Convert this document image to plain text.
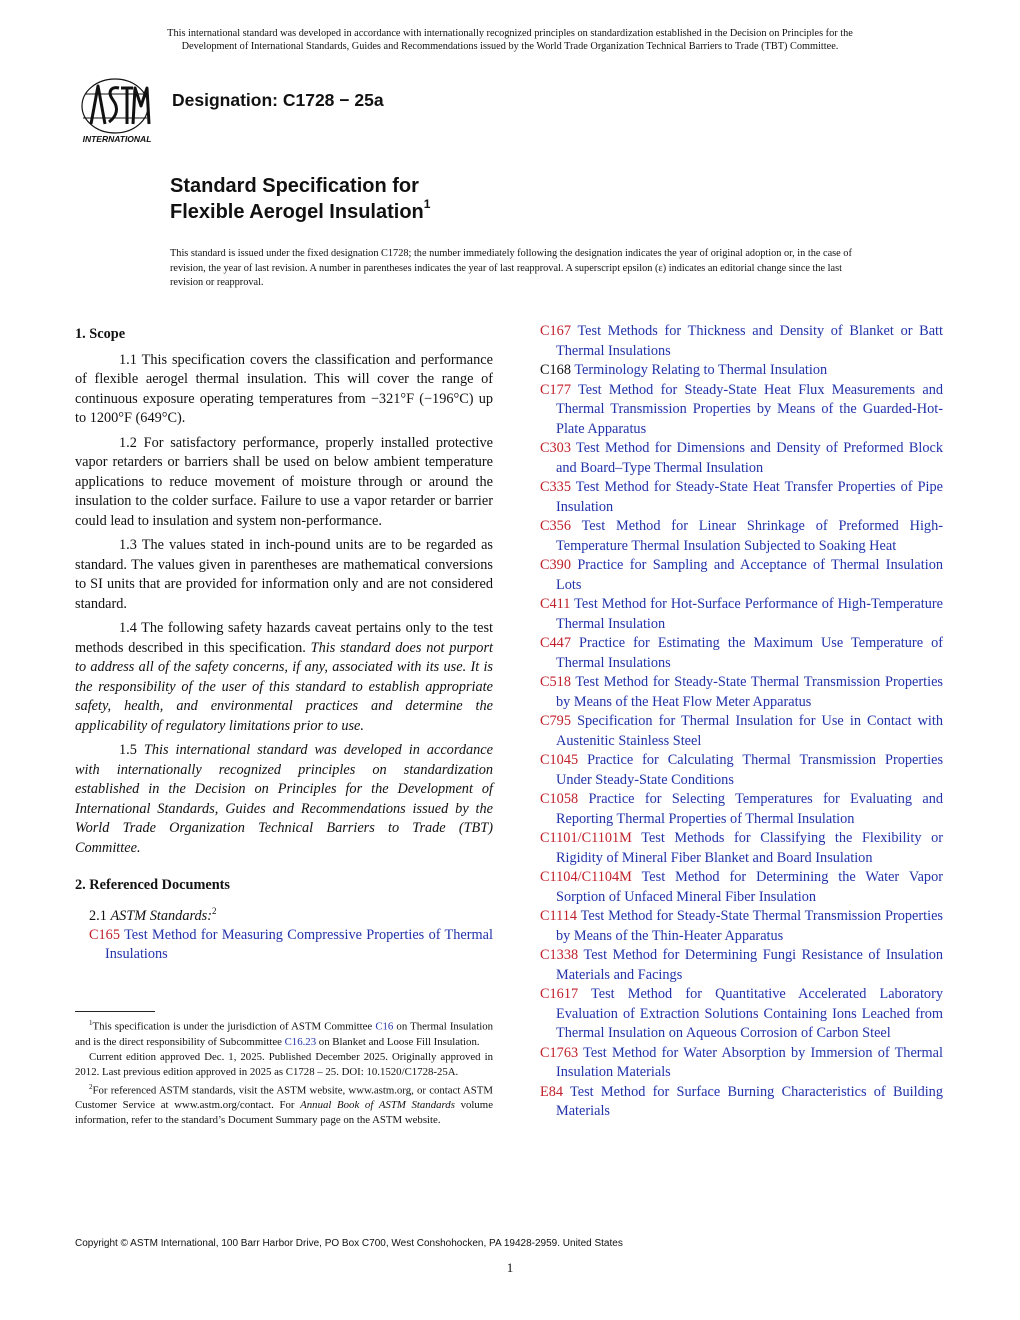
This international standard was developed in accordance with internationally recognized principles on standardization established in the Decision on Principles for the
Development of International Standards, Guides and Recommendations issued by the World Trade Organization Technical Barriers to Trade (TBT) Committee.
INTERNATIONAL
Designation: C1728 − 25a
Standard Specification for
Flexible Aerogel Insulation$^1$
This standard is issued under the fixed designation C1728; the number immediately following the designation indicates the year of original adoption or, in the case of revision, the year of last revision. A number in parentheses indicates the year of last reapproval. A superscript epsilon (ε) indicates an editorial change since the last revision or reapproval.
1. Scope

1.1 This specification covers the classification and performance of flexible aerogel thermal insulation. This will cover the range of continuous exposure operating temperatures from −321°F (−196°C) up to 1200°F (649°C).

1.2 For satisfactory performance, properly installed protective vapor retarders or barriers shall be used on below ambient temperature applications to reduce movement of moisture through or around the insulation to the colder surface. Failure to use a vapor retarder or barrier could lead to insulation and system non-performance.

1.3 The values stated in inch-pound units are to be regarded as standard. The values given in parentheses are mathematical conversions to SI units that are provided for information only and are not considered standard.

1.4 The following safety hazards caveat pertains only to the test methods described in this specification. This standard does not purport to address all of the safety concerns, if any, associated with its use. It is the responsibility of the user of this standard to establish appropriate safety, health, and environmental practices and determine the applicability of regulatory limitations prior to use.

1.5 This international standard was developed in accordance with internationally recognized principles on standardization established in the Decision on Principles for the Development of International Standards, Guides and Recommendations issued by the World Trade Organization Technical Barriers to Trade (TBT) Committee.

2. Referenced Documents
2.1 ASTM Standards:$^2$

C165 Test Method for Measuring Compressive Properties of Thermal Insulations

C167 Test Methods for Thickness and Density of Blanket or Batt Thermal Insulations

C168 Terminology Relating to Thermal Insulation

C177 Test Method for Steady-State Heat Flux Measurements and Thermal Transmission Properties by Means of the Guarded-Hot-Plate Apparatus

C303 Test Method for Dimensions and Density of Preformed Block and Board–Type Thermal Insulation

C335 Test Method for Steady-State Heat Transfer Properties of Pipe Insulation

C356 Test Method for Linear Shrinkage of Preformed High-Temperature Thermal Insulation Subjected to Soaking Heat

C390 Practice for Sampling and Acceptance of Thermal Insulation Lots

C411 Test Method for Hot-Surface Performance of High-Temperature Thermal Insulation

C447 Practice for Estimating the Maximum Use Temperature of Thermal Insulations

C518 Test Method for Steady-State Thermal Transmission Properties by Means of the Heat Flow Meter Apparatus

C795 Specification for Thermal Insulation for Use in Contact with Austenitic Stainless Steel

C1045 Practice for Calculating Thermal Transmission Properties Under Steady-State Conditions

C1058 Practice for Selecting Temperatures for Evaluating and Reporting Thermal Properties of Thermal Insulation

C1101/C1101M Test Methods for Classifying the Flexibility or Rigidity of Mineral Fiber Blanket and Board Insulation

C1104/C1104M Test Method for Determining the Water Vapor Sorption of Unfaced Mineral Fiber Insulation

C1114 Test Method for Steady-State Thermal Transmission Properties by Means of the Thin-Heater Apparatus

C1338 Test Method for Determining Fungi Resistance of Insulation Materials and Facings

C1617 Test Method for Quantitative Accelerated Laboratory Evaluation of Extraction Solutions Containing Ions Leached from Thermal Insulation on Aqueous Corrosion of Carbon Steel

C1763 Test Method for Water Absorption by Immersion of Thermal Insulation Materials

E84 Test Method for Surface Burning Characteristics of Building Materials

$^1$This specification is under the jurisdiction of ASTM Committee C16 on Thermal Insulation and is the direct responsibility of Subcommittee C16.23 on Blanket and Loose Fill Insulation.

Current edition approved Dec. 1, 2025. Published December 2025. Originally approved in 2012. Last previous edition approved in 2025 as C1728 – 25. DOI: 10.1520/C1728-25A.

$^2$For referenced ASTM standards, visit the ASTM website, www.astm.org, or contact ASTM Customer Service at www.astm.org/contact. For Annual Book of ASTM Standards volume information, refer to the standard’s Document Summary page on the ASTM website.

Copyright © ASTM International, 100 Barr Harbor Drive, PO Box C700, West Conshohocken, PA 19428-2959. United States
1
